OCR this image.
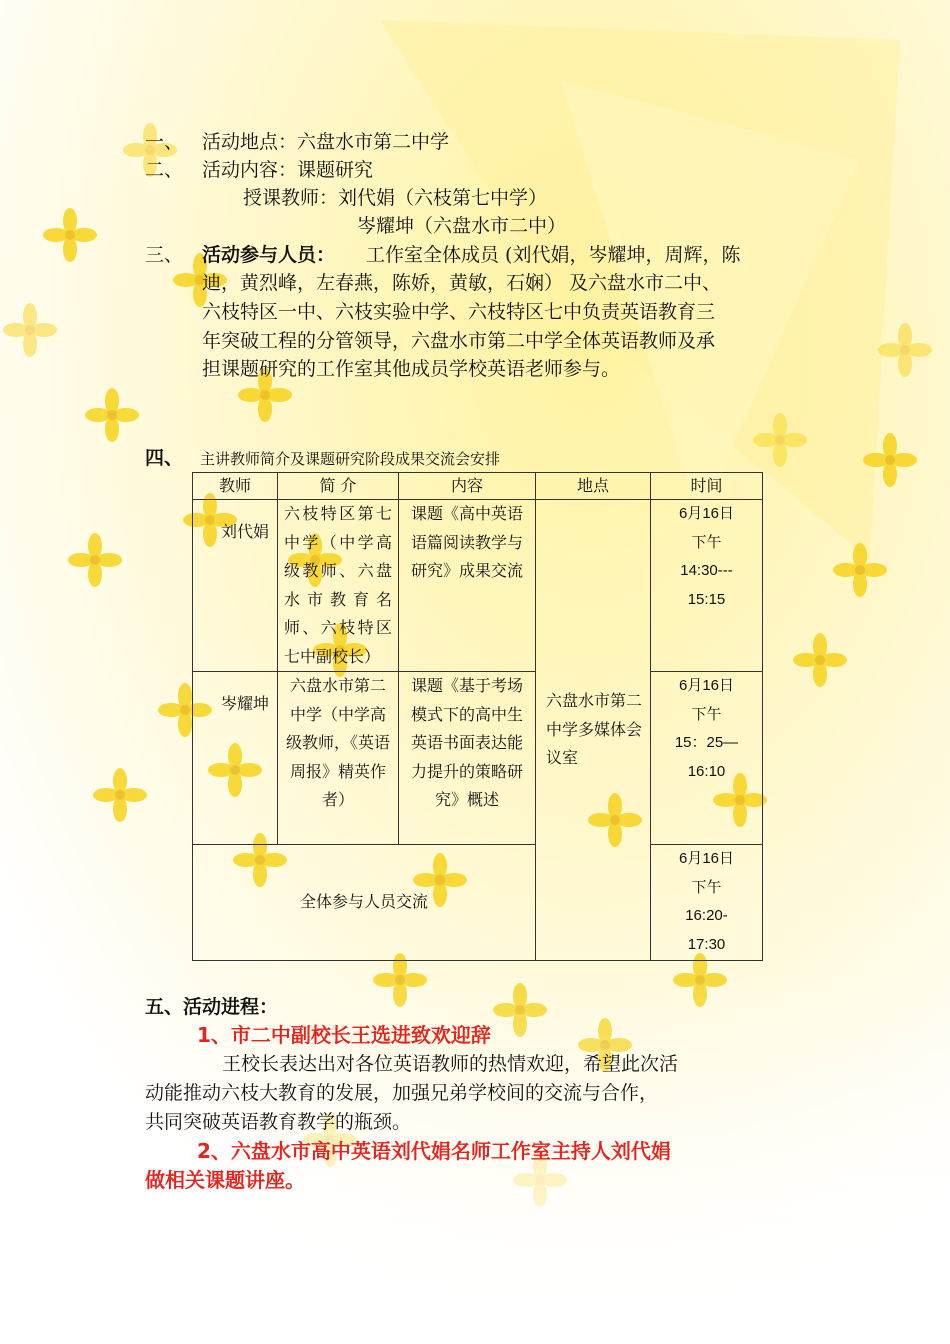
一、 活动地点：六盘水市第二中学
二、 活动内容：课题研究
授课教师：刘代娟（六枝第七中学）
岑耀坤（六盘水市二中）
三、 活动参与人员： 工作室全体成员 (刘代娟，岑耀坤，周辉，陈
迪，黄烈峰，左春燕，陈娇，黄敏，石娴） 及六盘水市二中、
六枝特区一中、六枝实验中学、六枝特区七中负责英语教育三
年突破工程的分管领导，六盘水市第二中学全体英语教师及承
担课题研究的工作室其他成员学校英语老师参与。
四、 主讲教师简介及课题研究阶段成果交流会安排
教师	简 介	内容	地点	时间
刘代娟	六枝特区第七中学（中学高级教师、六盘水市教育名师、六枝特区七中副校长）	课题《高中英语语篇阅读教学与研究》成果交流	六盘水市第二中学多媒体会议室	6月16日
下午
14:30---
15:15

岑耀坤	六盘水市第二中学（中学高级教师，《英语周报》精英作者）	课题《基于考场模式下的高中生英语书面表达能力提升的策略研究》概述		6月16日
下午
15：25—
16:10

全体参与人员交流				6月16日
下午
16:20-
17:30
五、活动进程：
1、市二中副校长王选进致欢迎辞
王校长表达出对各位英语教师的热情欢迎，希望此次活
动能推动六枝大教育的发展，加强兄弟学校间的交流与合作，
共同突破英语教育教学的瓶颈。
2、六盘水市高中英语刘代娟名师工作室主持人刘代娟
做相关课题讲座。
